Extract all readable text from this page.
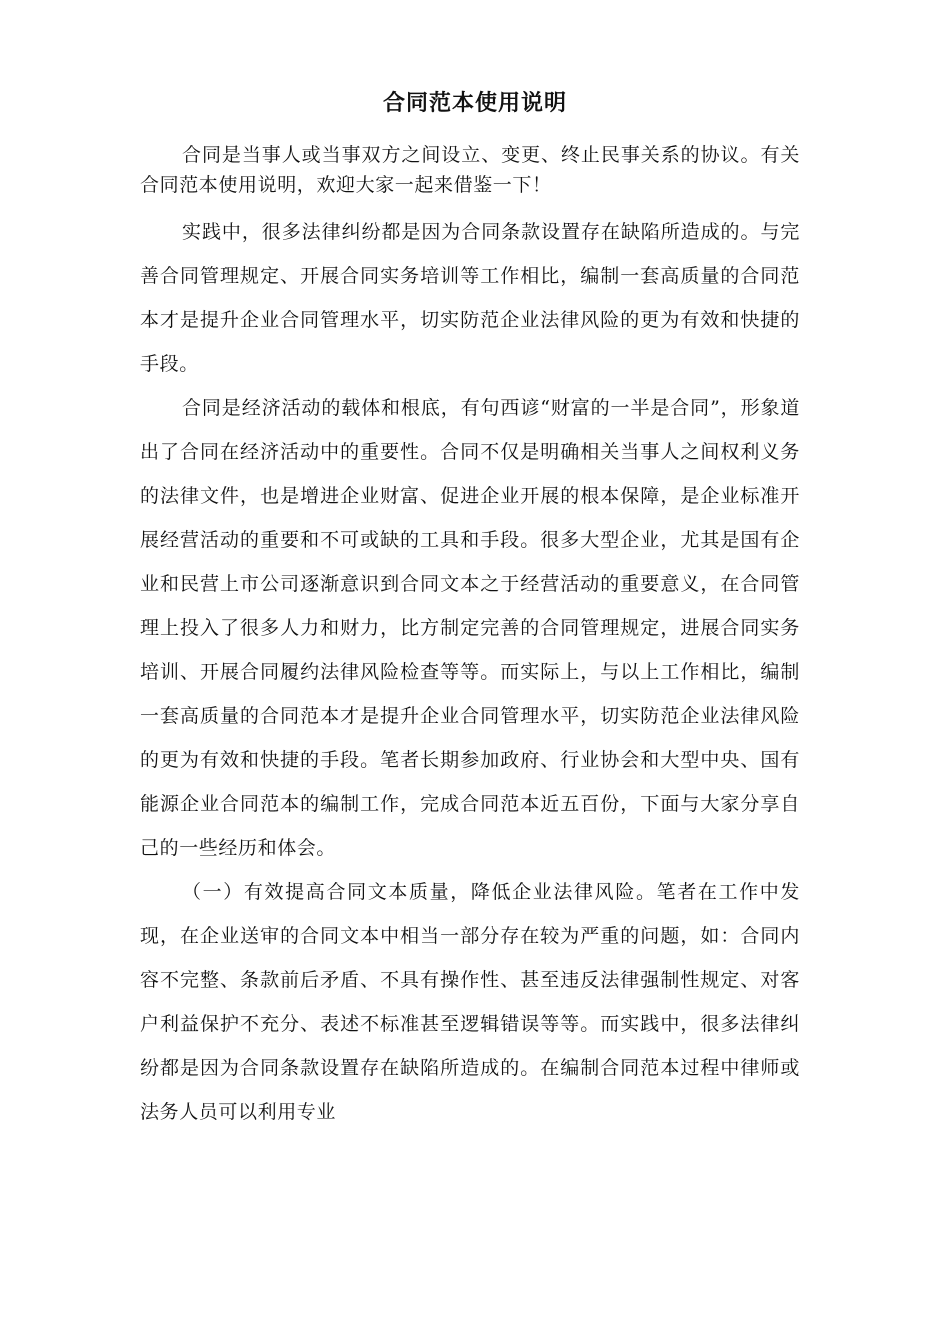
合同范本使用说明

合同是当事人或当事双方之间设立、变更、终止民事关系的协议。有关合同范本使用说明，欢迎大家一起来借鉴一下！

实践中，很多法律纠纷都是因为合同条款设置存在缺陷所造成的。与完善合同管理规定、开展合同实务培训等工作相比，编制一套高质量的合同范本才是提升企业合同管理水平，切实防范企业法律风险的更为有效和快捷的手段。

合同是经济活动的载体和根底，有句西谚“财富的一半是合同”，形象道出了合同在经济活动中的重要性。合同不仅是明确相关当事人之间权利义务的法律文件，也是增进企业财富、促进企业开展的根本保障，是企业标准开展经营活动的重要和不可或缺的工具和手段。很多大型企业，尤其是国有企业和民营上市公司逐渐意识到合同文本之于经营活动的重要意义，在合同管理上投入了很多人力和财力，比方制定完善的合同管理规定，进展合同实务培训、开展合同履约法律风险检查等等。而实际上，与以上工作相比，编制一套高质量的合同范本才是提升企业合同管理水平，切实防范企业法律风险的更为有效和快捷的手段。笔者长期参加政府、行业协会和大型中央、国有能源企业合同范本的编制工作，完成合同范本近五百份，下面与大家分享自己的一些经历和体会。

（一）有效提高合同文本质量，降低企业法律风险。笔者在工作中发现，在企业送审的合同文本中相当一部分存在较为严重的问题，如：合同内容不完整、条款前后矛盾、不具有操作性、甚至违反法律强制性规定、对客户利益保护不充分、表述不标准甚至逻辑错误等等。而实践中，很多法律纠纷都是因为合同条款设置存在缺陷所造成的。在编制合同范本过程中律师或法务人员可以利用专业
